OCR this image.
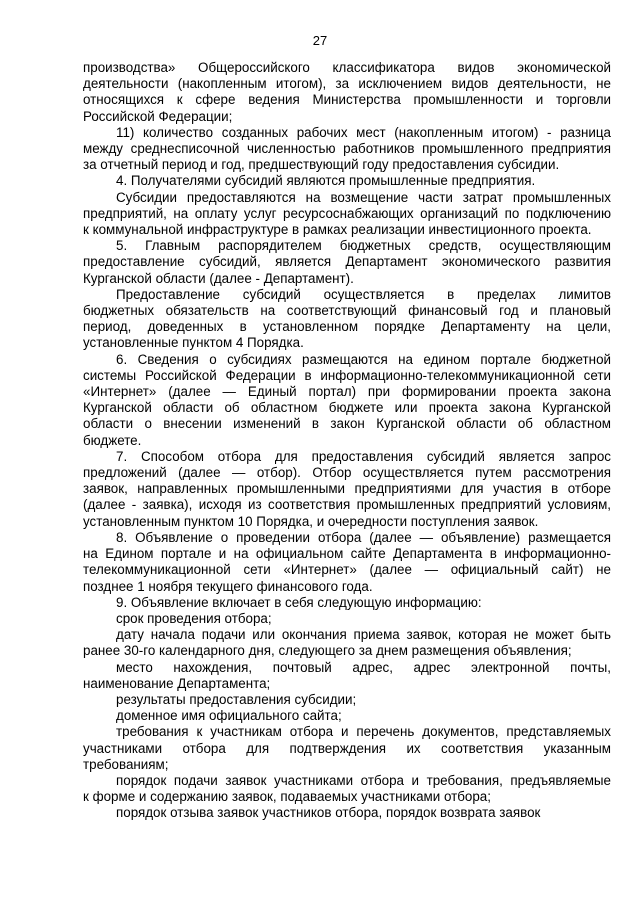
27
производства» Общероссийского классификатора видов экономической
деятельности (накопленным итогом), за исключением видов деятельности, не
относящихся к сфере ведения Министерства промышленности и торговли
Российской Федерации;
11) количество созданных рабочих мест (накопленным итогом) - разница
между среднесписочной численностью работников промышленного предприятия
за отчетный период и год, предшествующий году предоставления субсидии.
4. Получателями субсидий являются промышленные предприятия.
Субсидии предоставляются на возмещение части затрат промышленных
предприятий, на оплату услуг ресурсоснабжающих организаций по подключению
к коммунальной инфраструктуре в рамках реализации инвестиционного проекта.
5. Главным распорядителем бюджетных средств, осуществляющим
предоставление субсидий, является Департамент экономического развития
Курганской области (далее - Департамент).
Предоставление субсидий осуществляется в пределах лимитов
бюджетных обязательств на соответствующий финансовый год и плановый
период, доведенных в установленном порядке Департаменту на цели,
установленные пунктом 4 Порядка.
6. Сведения о субсидиях размещаются на едином портале бюджетной
системы Российской Федерации в информационно-телекоммуникационной сети
«Интернет» (далее — Единый портал) при формировании проекта закона
Курганской области об областном бюджете или проекта закона Курганской
области о внесении изменений в закон Курганской области об областном
бюджете.
7. Способом отбора для предоставления субсидий является запрос
предложений (далее — отбор). Отбор осуществляется путем рассмотрения
заявок, направленных промышленными предприятиями для участия в отборе
(далее - заявка), исходя из соответствия промышленных предприятий условиям,
установленным пунктом 10 Порядка, и очередности поступления заявок.
8. Объявление о проведении отбора (далее — объявление) размещается
на Едином портале и на официальном сайте Департамента в информационно-
телекоммуникационной сети «Интернет» (далее — официальный сайт) не
позднее 1 ноября текущего финансового года.
9. Объявление включает в себя следующую информацию:
срок проведения отбора;
дату начала подачи или окончания приема заявок, которая не может быть
ранее 30-го календарного дня, следующего за днем размещения объявления;
место нахождения, почтовый адрес, адрес электронной почты,
наименование Департамента;
результаты предоставления субсидии;
доменное имя официального сайта;
требования к участникам отбора и перечень документов, представляемых
участниками отбора для подтверждения их соответствия указанным
требованиям;
порядок подачи заявок участниками отбора и требования, предъявляемые
к форме и содержанию заявок, подаваемых участниками отбора;
порядок отзыва заявок участников отбора, порядок возврата заявок
